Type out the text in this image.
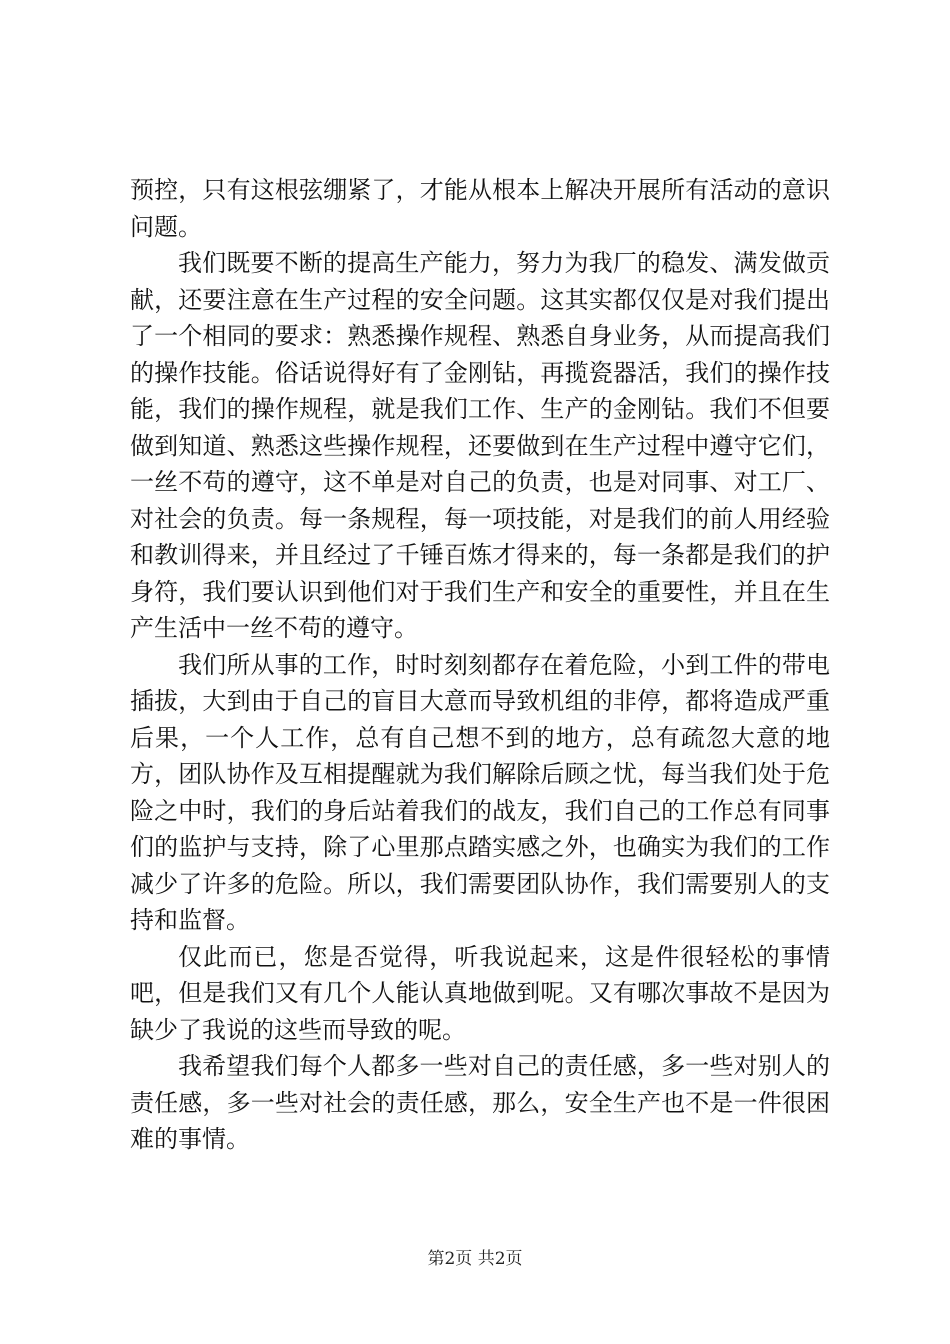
预控，只有这根弦绷紧了，才能从根本上解决开展所有活动的意识问题。

我们既要不断的提高生产能力，努力为我厂的稳发、满发做贡献，还要注意在生产过程的安全问题。这其实都仅仅是对我们提出了一个相同的要求：熟悉操作规程、熟悉自身业务，从而提高我们的操作技能。俗话说得好有了金刚钻，再揽瓷器活，我们的操作技能，我们的操作规程，就是我们工作、生产的金刚钻。我们不但要做到知道、熟悉这些操作规程，还要做到在生产过程中遵守它们，一丝不苟的遵守，这不单是对自己的负责，也是对同事、对工厂、对社会的负责。每一条规程，每一项技能，对是我们的前人用经验和教训得来，并且经过了千锤百炼才得来的，每一条都是我们的护身符，我们要认识到他们对于我们生产和安全的重要性，并且在生产生活中一丝不苟的遵守。

我们所从事的工作，时时刻刻都存在着危险，小到工件的带电插拔，大到由于自己的盲目大意而导致机组的非停，都将造成严重后果，一个人工作，总有自己想不到的地方，总有疏忽大意的地方，团队协作及互相提醒就为我们解除后顾之忧，每当我们处于危险之中时，我们的身后站着我们的战友，我们自己的工作总有同事们的监护与支持，除了心里那点踏实感之外，也确实为我们的工作减少了许多的危险。所以，我们需要团队协作，我们需要别人的支持和监督。

仅此而已，您是否觉得，听我说起来，这是件很轻松的事情吧，但是我们又有几个人能认真地做到呢。又有哪次事故不是因为缺少了我说的这些而导致的呢。

我希望我们每个人都多一些对自己的责任感，多一些对别人的责任感，多一些对社会的责任感，那么，安全生产也不是一件很困难的事情。

第2页 共2页
